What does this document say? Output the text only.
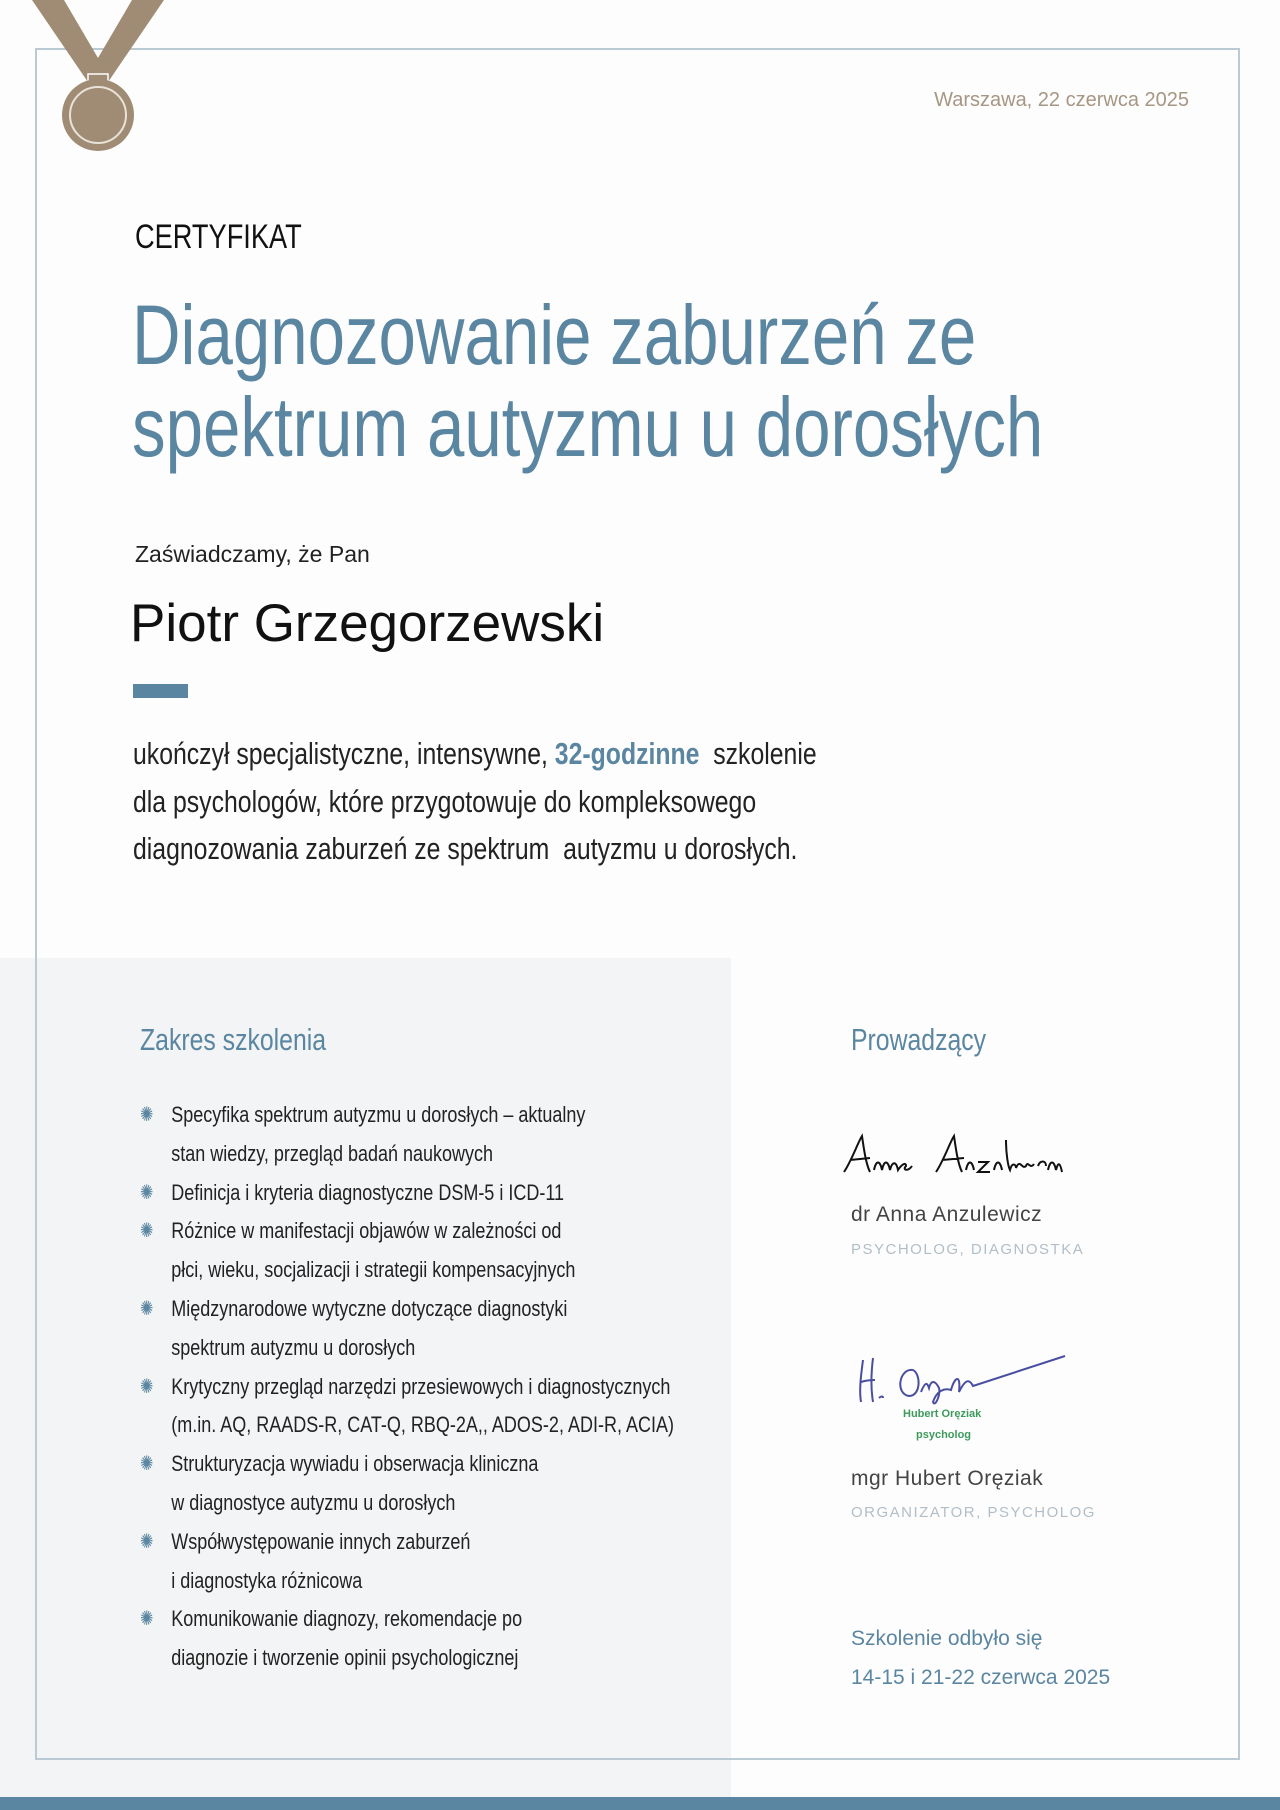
Warszawa, 22 czerwca 2025
CERTYFIKAT
Diagnozowanie zaburzeń ze
spektrum autyzmu u dorosłych
Zaświadczamy, że Pan
Piotr Grzegorzewski
ukończył specjalistyczne, intensywne, 32-godzinne  szkolenie
dla psychologów, które przygotowuje do kompleksowego
diagnozowania zaburzeń ze spektrum  autyzmu u dorosłych.
Zakres szkolenia
✺ Specyfika spektrum autyzmu u dorosłych – aktualny
stan wiedzy, przegląd badań naukowych
✺ Definicja i kryteria diagnostyczne DSM-5 i ICD-11
✺ Różnice w manifestacji objawów w zależności od
płci, wieku, socjalizacji i strategii kompensacyjnych
✺ Międzynarodowe wytyczne dotyczące diagnostyki
spektrum autyzmu u dorosłych
✺ Krytyczny przegląd narzędzi przesiewowych i diagnostycznych
(m.in. AQ, RAADS-R, CAT-Q, RBQ-2A,, ADOS-2, ADI-R, ACIA)
✺ Strukturyzacja wywiadu i obserwacja kliniczna
w diagnostyce autyzmu u dorosłych
✺ Współwystępowanie innych zaburzeń
i diagnostyka różnicowa
✺ Komunikowanie diagnozy, rekomendacje po
diagnozie i tworzenie opinii psychologicznej
Prowadzący
dr Anna Anzulewicz
PSYCHOLOG, DIAGNOSTKA
Hubert Oręziak
psycholog
mgr Hubert Oręziak
ORGANIZATOR, PSYCHOLOG
Szkolenie odbyło się
14-15 i 21-22 czerwca 2025
